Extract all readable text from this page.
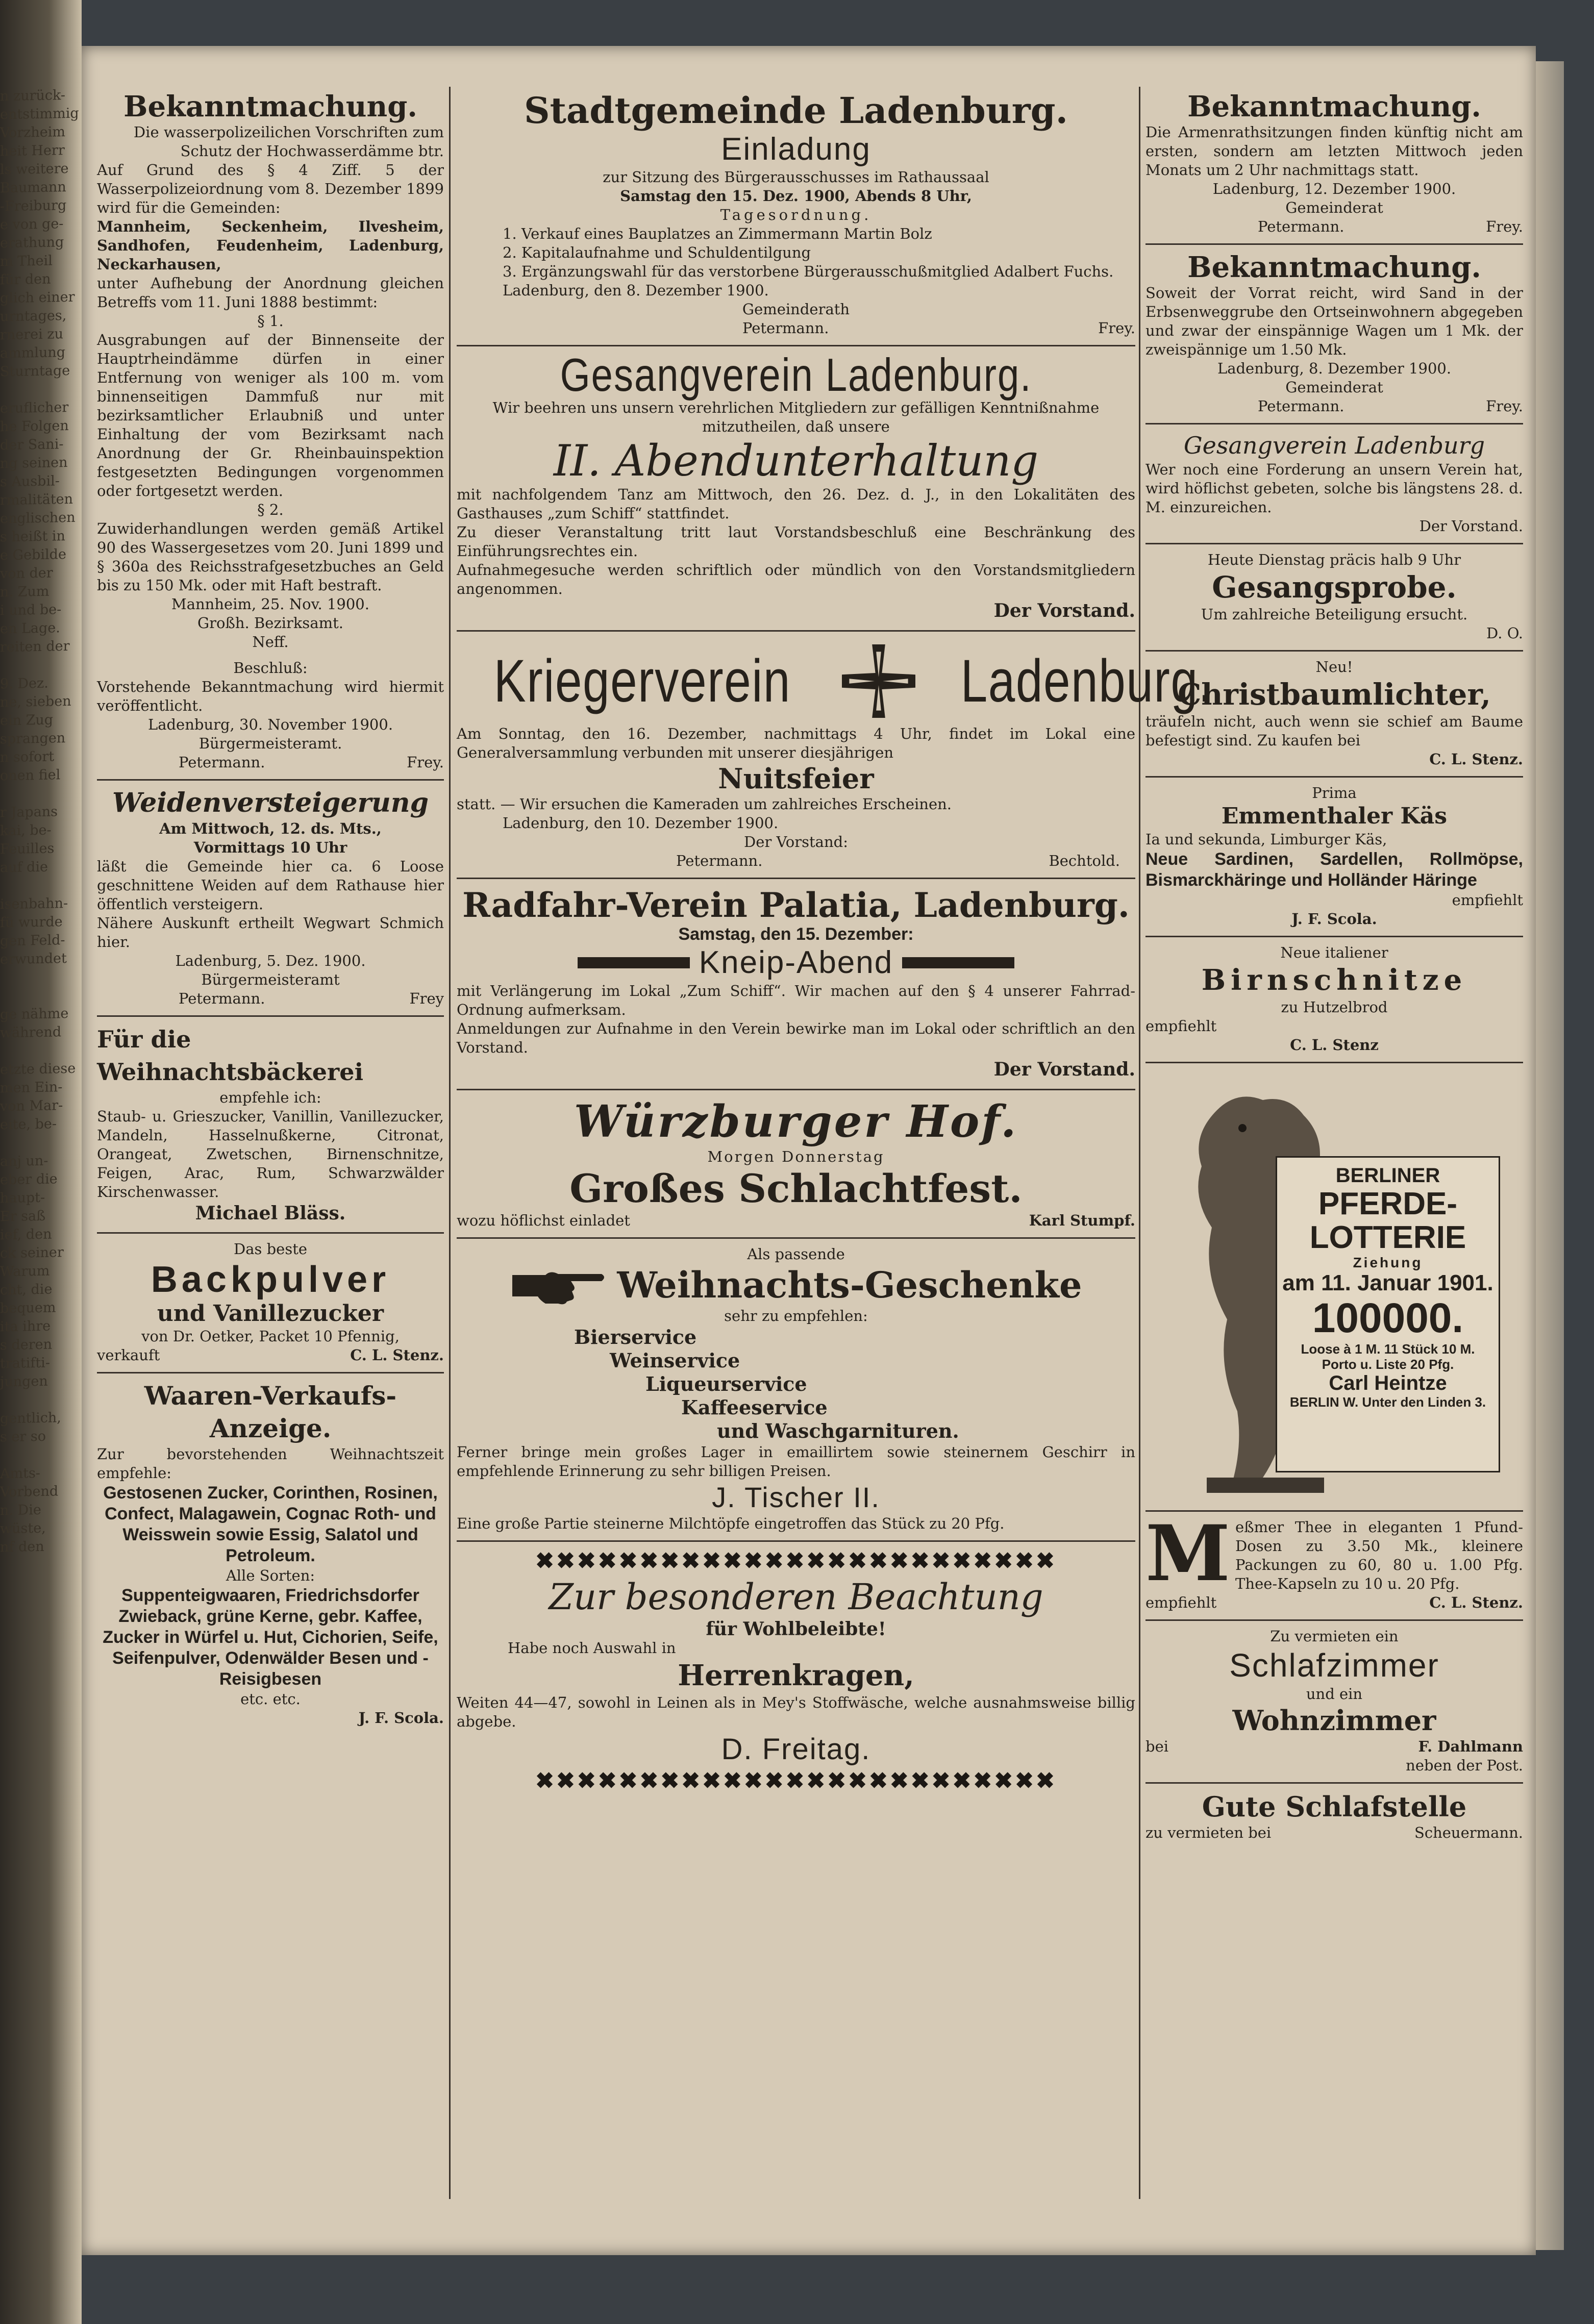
n zurück-
entstimmig
Vorzheim
heit Herr
ls weitere
Baumann
-Freiburg
e von ge-
erathung
m Theil
für den
glich einer
urntages,
rnerei zu
ammlung
Sturntage

eruflicher
he Folgen
der Sani-
ng seinen
s Ausbil-
rmalitäten
englischen
s heißt in
e Gebilde
von der
n. Zum
i und be-
en Lage.
reiten der

9. Dez.
ne, sieben
ein Zug
sprangen
n sofort
onen fiel

r Japans
kai, be-
Feuilles
auf die

isenbahn-
fü wurde
gen Feld-
erwundet

ge nähme
während

etzte diese
men Ein-
von Mar-
eite, be-

anj un-
eber die
haupt-
Er saß
ief, den
ck seiner
Warum
cht, die
bequem
ita ihre
s deren
tratifti-
jungen

gentlich,
s er so

Amts-
Vorbend
n. Die
wüste,
nf den
Bekanntmachung.
Die wasserpolizeilichen Vorschriften zum Schutz der Hochwasserdämme btr.
Auf Grund des § 4 Ziff. 5 der Wasserpolizeiordnung vom 8. Dezember 1899 wird für die Gemeinden:
Mannheim, Seckenheim, Ilvesheim, Sandhofen, Feudenheim, Ladenburg, Neckarhausen,
unter Aufhebung der Anordnung gleichen Betreffs vom 11. Juni 1888 bestimmt:
§ 1.
Ausgrabungen auf der Binnenseite der Hauptrheindämme dürfen in einer Entfernung von weniger als 100 m. vom binnenseitigen Dammfuß nur mit bezirksamtlicher Erlaubniß und unter Einhaltung der vom Bezirksamt nach Anordnung der Gr. Rheinbauinspektion festgesetzten Bedingungen vorgenommen oder fortgesetzt werden.
§ 2.
Zuwiderhandlungen werden gemäß Artikel 90 des Wassergesetzes vom 20. Juni 1899 und § 360a des Reichsstrafgesetzbuches an Geld bis zu 150 Mk. oder mit Haft bestraft.
Mannheim, 25. Nov. 1900.
Großh. Bezirksamt.
Neff.
Beschluß:
Vorstehende Bekanntmachung wird hiermit veröffentlicht.
Ladenburg, 30. November 1900.
Bürgermeisteramt.
Petermann.	Frey.
Weidenversteigerung
Am Mittwoch, 12. ds. Mts.,
Vormittags 10 Uhr
läßt die Gemeinde hier ca. 6 Loose geschnittene Weiden auf dem Rathause hier öffentlich versteigern.
Nähere Auskunft ertheilt Wegwart Schmich hier.
Ladenburg, 5. Dez. 1900.
Bürgermeisteramt
Petermann.	Frey
Für die Weihnachtsbäckerei
empfehle ich:
Staub- u. Grieszucker, Vanillin, Vanillezucker, Mandeln, Hasselnußkerne, Citronat, Orangeat, Zwetschen, Birnenschnitze, Feigen, Arac, Rum, Schwarzwälder Kirschenwasser.
Michael Bläss.
Das beste
Backpulver
und Vanillezucker
von Dr. Oetker, Packet 10 Pfennig,
verkauft	C. L. Stenz.
Waaren-Verkaufs-Anzeige.
Zur bevorstehenden Weihnachtszeit empfehle:
Gestosenen Zucker, Corinthen, Rosinen, Confect, Malagawein, Cognac Roth- und Weisswein sowie Essig, Salatol und Petroleum.
Alle Sorten:
Suppenteigwaaren, Friedrichsdorfer Zwieback, grüne Kerne, gebr. Kaffee, Zucker in Würfel u. Hut, Cichorien, Seife, Seifenpulver, Odenwälder Besen und -Reisigbesen
etc. etc.
J. F. Scola.
Stadtgemeinde Ladenburg.
Einladung
zur Sitzung des Bürgerausschusses im Rathaussaal
Samstag den 15. Dez. 1900, Abends 8 Uhr,
Tagesordnung.
1. Verkauf eines Bauplatzes an Zimmermann Martin Bolz
2. Kapitalaufnahme und Schuldentilgung
3. Ergänzungswahl für das verstorbene Bürgerausschußmitglied Adalbert Fuchs.
Ladenburg, den 8. Dezember 1900.
Gemeinderath
Petermann.	Frey.
Gesangverein Ladenburg.
Wir beehren uns unsern verehrlichen Mitgliedern zur gefälligen Kenntnißnahme mitzutheilen, daß unsere
II. Abendunterhaltung
mit nachfolgendem Tanz am Mittwoch, den 26. Dez. d. J., in den Lokalitäten des Gasthauses „zum Schiff“ stattfindet.
Zu dieser Veranstaltung tritt laut Vorstandsbeschluß eine Beschränkung des Einführungsrechtes ein.
Aufnahmegesuche werden schriftlich oder mündlich von den Vorstandsmitgliedern angenommen.
Der Vorstand.
Kriegerverein	Ladenburg.
Am Sonntag, den 16. Dezember, nachmittags 4 Uhr, findet im Lokal eine Generalversammlung verbunden mit unserer diesjährigen
Nuitsfeier
statt. — Wir ersuchen die Kameraden um zahlreiches Erscheinen.
Ladenburg, den 10. Dezember 1900.
Der Vorstand:
Petermann.	Bechtold.
Radfahr-Verein Palatia, Ladenburg.
Samstag, den 15. Dezember:
Kneip-Abend
mit Verlängerung im Lokal „Zum Schiff“. Wir machen auf den § 4 unserer Fahrrad-Ordnung aufmerksam.
Anmeldungen zur Aufnahme in den Verein bewirke man im Lokal oder schriftlich an den Vorstand.
Der Vorstand.
Würzburger Hof.
Morgen Donnerstag
Großes Schlachtfest.
wozu höflichst einladet	Karl Stumpf.
Als passende
Weihnachts-Geschenke
sehr zu empfehlen:
Bierservice
Weinservice
Liqueurservice
Kaffeeservice
und Waschgarnituren.
Ferner bringe mein großes Lager in emaillirtem sowie steinernem Geschirr in empfehlende Erinnerung zu sehr billigen Preisen.
J. Tischer II.
Eine große Partie steinerne Milchtöpfe eingetroffen das Stück zu 20 Pfg.
✖✖✖✖✖✖✖✖✖✖✖✖✖✖✖✖✖✖✖✖✖✖✖✖✖
Zur besonderen Beachtung
für Wohlbeleibte!
Habe noch Auswahl in
Herrenkragen,
Weiten 44—47, sowohl in Leinen als in Mey's Stoffwäsche, welche ausnahmsweise billig abgebe.
D. Freitag.
✖✖✖✖✖✖✖✖✖✖✖✖✖✖✖✖✖✖✖✖✖✖✖✖✖
Bekanntmachung.
Die Armenrathsitzungen finden künftig nicht am ersten, sondern am letzten Mittwoch jeden Monats um 2 Uhr nachmittags statt.
Ladenburg, 12. Dezember 1900.
Gemeinderat
Petermann.	Frey.
Bekanntmachung.
Soweit der Vorrat reicht, wird Sand in der Erbsenweggrube den Ortseinwohnern abgegeben und zwar der einspännige Wagen um 1 Mk. der zweispännige um 1.50 Mk.
Ladenburg, 8. Dezember 1900.
Gemeinderat
Petermann.	Frey.
Gesangverein Ladenburg
Wer noch eine Forderung an unsern Verein hat, wird höflichst gebeten, solche bis längstens 28. d. M. einzureichen.
Der Vorstand.
Heute Dienstag präcis halb 9 Uhr
Gesangsprobe.
Um zahlreiche Beteiligung ersucht.
D. O.
Neu!
Christbaumlichter,
träufeln nicht, auch wenn sie schief am Baume befestigt sind. Zu kaufen bei
C. L. Stenz.
Prima
Emmenthaler Käs
Ia und sekunda, Limburger Käs,
Neue Sardinen, Sardellen, Rollmöpse, Bismarckhäringe und Holländer Häringe
empfiehlt
J. F. Scola.
Neue italiener
Birnschnitze
zu Hutzelbrod
empfiehlt
C. L. Stenz
BERLINER
PFERDE-LOTTERIE
Ziehung
am 11. Januar 1901.
100000.
Loose à 1 M. 11 Stück 10 M.
Porto u. Liste 20 Pfg.
Carl Heintze
BERLIN W. Unter den Linden 3.
M eßmer Thee in eleganten 1 Pfund-Dosen zu 3.50 Mk., kleinere Packungen zu 60, 80 u. 1.00 Pfg. Thee-Kapseln zu 10 u. 20 Pfg.
empfiehlt	C. L. Stenz.
Zu vermieten ein
Schlafzimmer
und ein
Wohnzimmer
bei	F. Dahlmann
neben der Post.
Gute Schlafstelle
zu vermieten bei	Scheuermann.
